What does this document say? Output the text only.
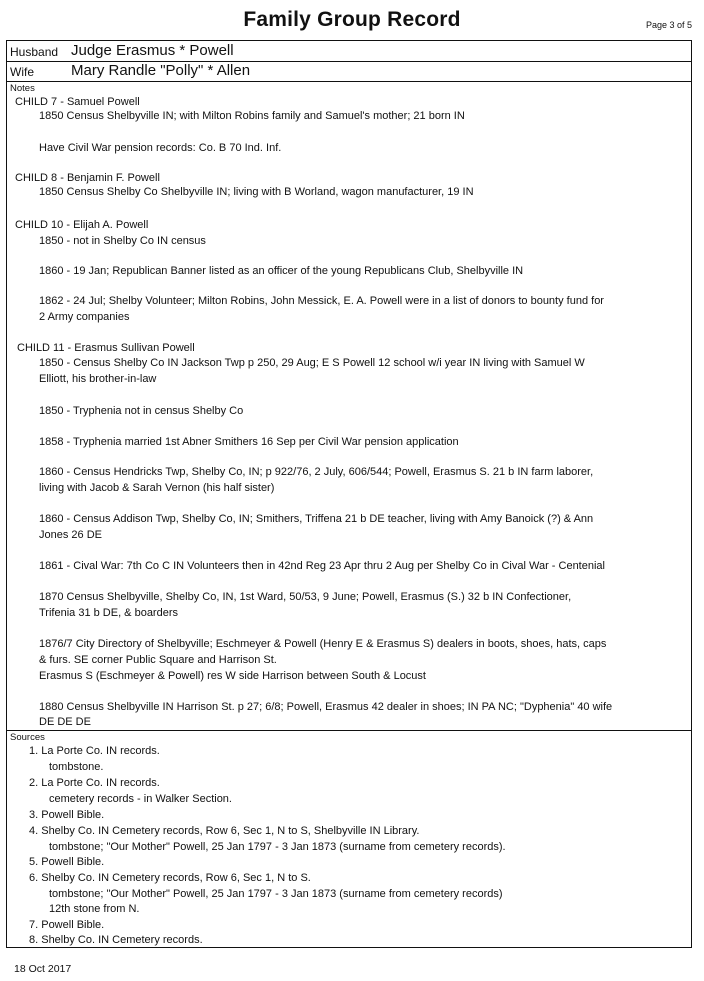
Family Group Record	Page 3 of 5
Husband Judge Erasmus * Powell
Wife Mary Randle "Polly" * Allen
Notes
CHILD 7 - Samuel Powell
1850 Census Shelbyville IN; with Milton Robins family and Samuel's mother; 21 born IN
Have Civil War pension records: Co. B 70 Ind. Inf.
CHILD 8 - Benjamin F. Powell
1850 Census Shelby Co Shelbyville IN; living with B Worland, wagon manufacturer, 19 IN
CHILD 10 - Elijah A. Powell
1850 - not in Shelby Co IN census
1860 - 19 Jan; Republican Banner listed as an officer of the young Republicans Club, Shelbyville IN
1862 - 24 Jul; Shelby Volunteer; Milton Robins, John Messick, E. A. Powell were in a list of donors to bounty fund for
2 Army companies
CHILD 11 - Erasmus Sullivan Powell
1850 - Census Shelby Co IN Jackson Twp p 250, 29 Aug; E S Powell 12 school w/i year IN living with Samuel W
Elliott, his brother-in-law
1850 - Tryphenia not in census Shelby Co
1858 - Tryphenia married 1st Abner Smithers 16 Sep per Civil War pension application
1860 - Census Hendricks Twp, Shelby Co, IN; p 922/76, 2 July, 606/544; Powell, Erasmus S. 21 b IN farm laborer,
living with Jacob & Sarah Vernon (his half sister)
1860 - Census Addison Twp, Shelby Co, IN; Smithers, Triffena 21 b DE teacher, living with Amy Banoick (?) & Ann
Jones 26 DE
1861 - Cival War: 7th Co C IN Volunteers then in 42nd Reg 23 Apr thru 2 Aug per Shelby Co in Cival War - Centenial
1870 Census Shelbyville, Shelby Co, IN, 1st Ward, 50/53, 9 June; Powell, Erasmus (S.) 32 b IN Confectioner,
Trifenia 31 b DE, & boarders
1876/7 City Directory of Shelbyville; Eschmeyer & Powell (Henry E & Erasmus S) dealers in boots, shoes, hats, caps
& furs. SE corner Public Square and Harrison St.
Erasmus S (Eschmeyer & Powell) res W side Harrison between South & Locust
1880 Census Shelbyville IN Harrison St. p 27; 6/8; Powell, Erasmus 42 dealer in shoes; IN PA NC; "Dyphenia" 40 wife
DE DE DE
Sources
1. La Porte Co. IN records.
tombstone.
2. La Porte Co. IN records.
cemetery records - in Walker Section.
3. Powell Bible.
4. Shelby Co. IN Cemetery records, Row 6, Sec 1, N to S, Shelbyville IN Library.
tombstone; "Our Mother" Powell, 25 Jan 1797 - 3 Jan 1873 (surname from cemetery records).
5. Powell Bible.
6. Shelby Co. IN Cemetery records, Row 6, Sec 1, N to S.
tombstone; "Our Mother" Powell, 25 Jan 1797 - 3 Jan 1873 (surname from cemetery records)
12th stone from N.
7. Powell Bible.
8. Shelby Co. IN Cemetery records.
18 Oct 2017
